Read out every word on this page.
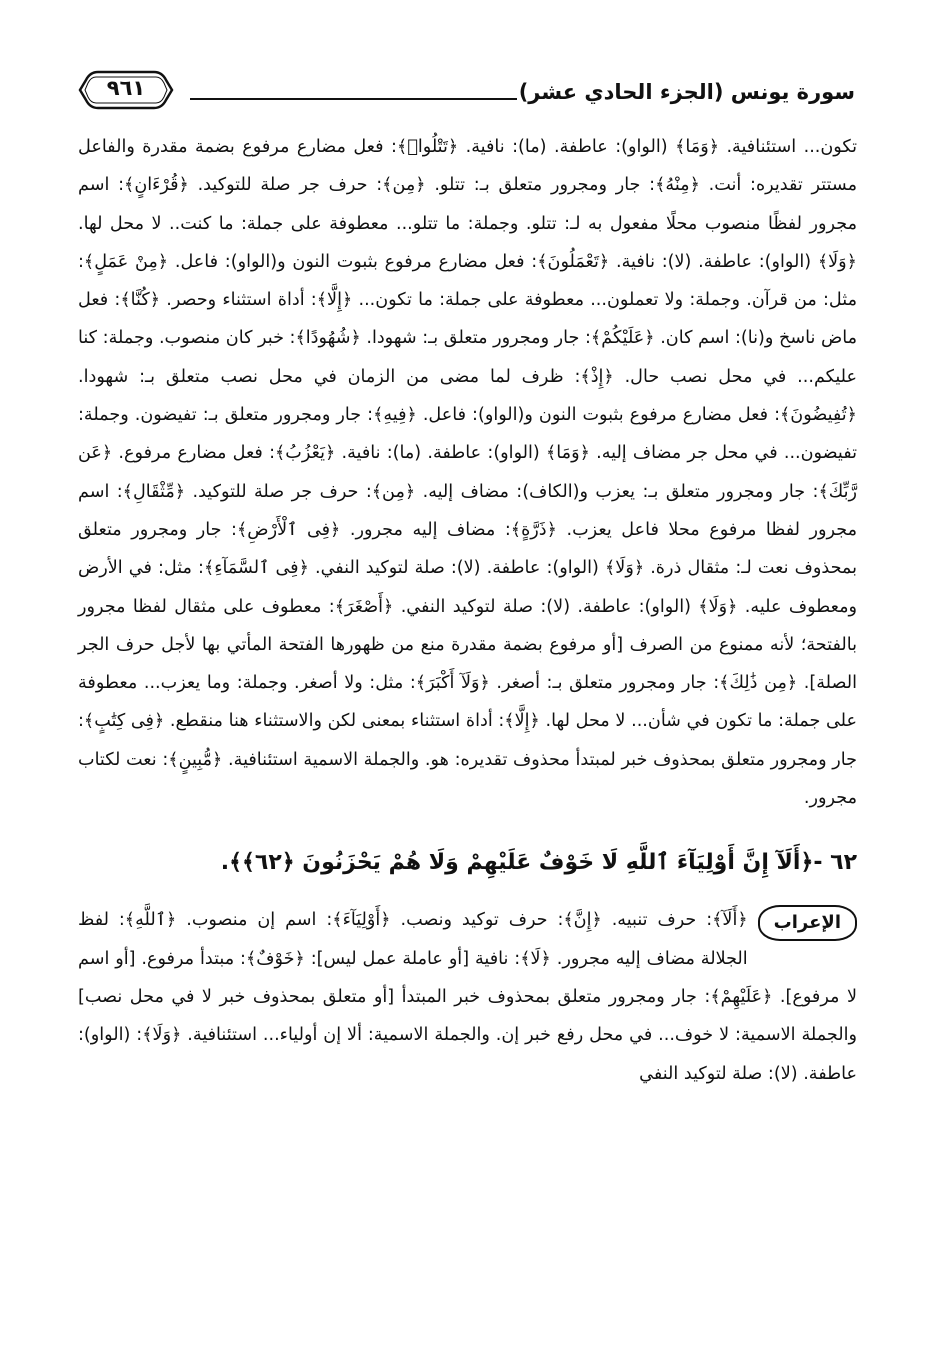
سورة يونس (الجزء الحادي عشر)
٩٦١

تكون... استئنافية. ﴿وَمَا﴾ (الواو): عاطفة. (ما): نافية. ﴿تَتْلُوا۟﴾: فعل مضارع مرفوع بضمة مقدرة والفاعل مستتر تقديره: أنت. ﴿مِنْهُ﴾: جار ومجرور متعلق بـ: تتلو. ﴿مِن﴾: حرف جر صلة للتوكيد. ﴿قُرْءَانٍ﴾: اسم مجرور لفظًا منصوب محلًا مفعول به لـ: تتلو. وجملة: ما تتلو... معطوفة على جملة: ما كنت.. لا محل لها. ﴿وَلَا﴾ (الواو): عاطفة. (لا): نافية. ﴿تَعْمَلُونَ﴾: فعل مضارع مرفوع بثبوت النون و(الواو): فاعل. ﴿مِنْ عَمَلٍ﴾: مثل: من قرآن. وجملة: ولا تعملون... معطوفة على جملة: ما تكون... ﴿إِلَّا﴾: أداة استثناء وحصر. ﴿كُنَّا﴾: فعل ماض ناسخ و(نا): اسم كان. ﴿عَلَيْكُمْ﴾: جار ومجرور متعلق بـ: شهودا. ﴿شُهُودًا﴾: خبر كان منصوب. وجملة: كنا عليكم... في محل نصب حال. ﴿إِذْ﴾: ظرف لما مضى من الزمان في محل نصب متعلق بـ: شهودا. ﴿تُفِيضُونَ﴾: فعل مضارع مرفوع بثبوت النون و(الواو): فاعل. ﴿فِيهِ﴾: جار ومجرور متعلق بـ: تفيضون. وجملة: تفيضون... في محل جر مضاف إليه. ﴿وَمَا﴾ (الواو): عاطفة. (ما): نافية. ﴿يَعْزُبُ﴾: فعل مضارع مرفوع. ﴿عَن رَّبِّكَ﴾: جار ومجرور متعلق بـ: يعزب و(الكاف): مضاف إليه. ﴿مِن﴾: حرف جر صلة للتوكيد. ﴿مِّثْقَالِ﴾: اسم مجرور لفظا مرفوع محلا فاعل يعزب. ﴿ذَرَّةٍ﴾: مضاف إليه مجرور. ﴿فِى ٱلْأَرْضِ﴾: جار ومجرور متعلق بمحذوف نعت لـ: مثقال ذرة. ﴿وَلَا﴾ (الواو): عاطفة. (لا): صلة لتوكيد النفي. ﴿فِى ٱلسَّمَآءِ﴾: مثل: في الأرض ومعطوف عليه. ﴿وَلَا﴾ (الواو): عاطفة. (لا): صلة لتوكيد النفي. ﴿أَصْغَرَ﴾: معطوف على مثقال لفظا مجرور بالفتحة؛ لأنه ممنوع من الصرف [أو مرفوع بضمة مقدرة منع من ظهورها الفتحة المأتي بها لأجل حرف الجر الصلة]. ﴿مِن ذَٰلِكَ﴾: جار ومجرور متعلق بـ: أصغر. ﴿وَلَآ أَكْبَرَ﴾: مثل: ولا أصغر. وجملة: وما يعزب... معطوفة على جملة: ما تكون في شأن... لا محل لها. ﴿إِلَّا﴾: أداة استثناء بمعنى لكن والاستثناء هنا منقطع. ﴿فِى كِتَٰبٍ﴾: جار ومجرور متعلق بمحذوف خبر لمبتدأ محذوف تقديره: هو. والجملة الاسمية استئنافية. ﴿مُّبِينٍ﴾: نعت لكتاب مجرور.

٦٢ -﴿أَلَآ إِنَّ أَوْلِيَآءَ ٱللَّهِ لَا خَوْفٌ عَلَيْهِمْ وَلَا هُمْ يَحْزَنُونَ ﴿٦٢﴾﴾.

الإعراب
﴿أَلَآ﴾: حرف تنبيه. ﴿إِنَّ﴾: حرف توكيد ونصب. ﴿أَوْلِيَآءَ﴾: اسم إن منصوب. ﴿ٱللَّهِ﴾: لفظ الجلالة مضاف إليه مجرور. ﴿لَا﴾: نافية [أو عاملة عمل ليس]: ﴿خَوْفٌ﴾: مبتدأ مرفوع. [أو اسم لا مرفوع]. ﴿عَلَيْهِمْ﴾: جار ومجرور متعلق بمحذوف خبر المبتدأ [أو متعلق بمحذوف خبر لا في محل نصب] والجملة الاسمية: لا خوف... في محل رفع خبر إن. والجملة الاسمية: ألا إن أولياء... استئنافية. ﴿وَلَا﴾: (الواو): عاطفة. (لا): صلة لتوكيد النفي
